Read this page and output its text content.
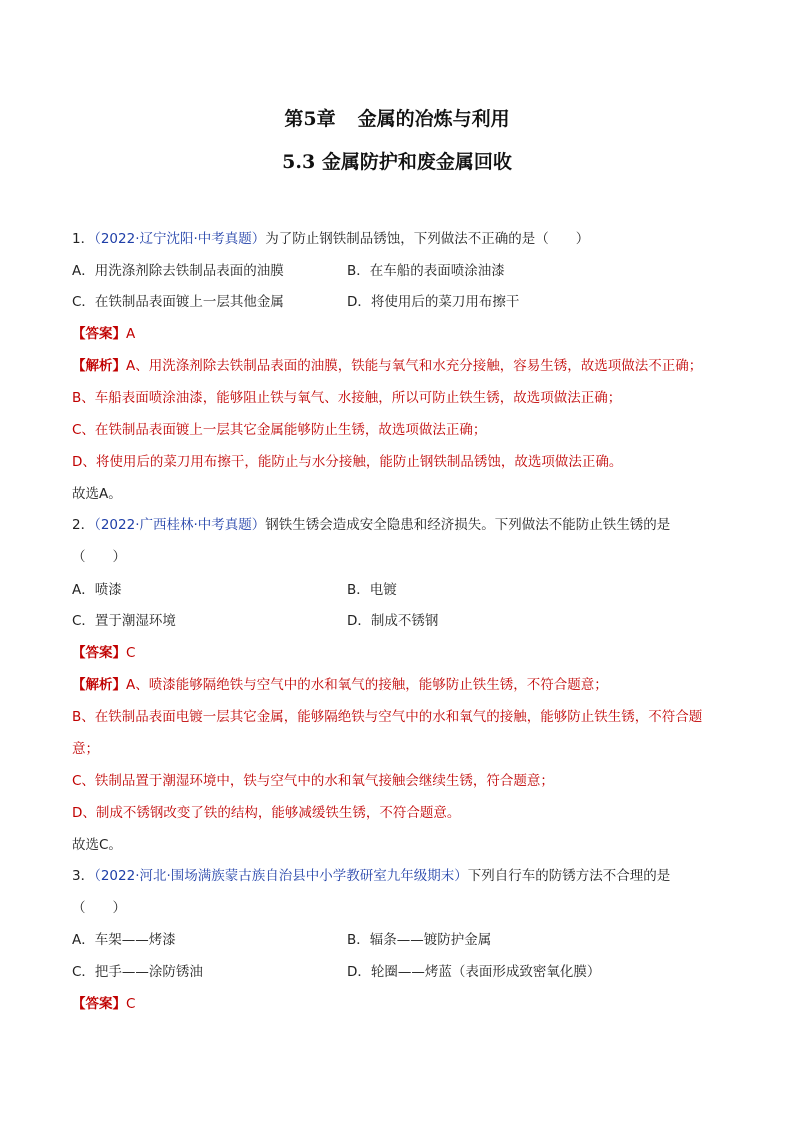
第5章 金属的冶炼与利用
5.3 金属防护和废金属回收
1．（2022·辽宁沈阳·中考真题）为了防止钢铁制品锈蚀，下列做法不正确的是（　　）
A．用洗涤剂除去铁制品表面的油膜	B．在车船的表面喷涂油漆
C．在铁制品表面镀上一层其他金属	D．将使用后的菜刀用布擦干
【答案】A
【解析】A、用洗涤剂除去铁制品表面的油膜，铁能与氧气和水充分接触，容易生锈，故选项做法不正确；
B、车船表面喷涂油漆，能够阻止铁与氧气、水接触，所以可防止铁生锈，故选项做法正确；
C、在铁制品表面镀上一层其它金属能够防止生锈，故选项做法正确；
D、将使用后的菜刀用布擦干，能防止与水分接触，能防止钢铁制品锈蚀，故选项做法正确。
故选A。
2．（2022·广西桂林·中考真题）钢铁生锈会造成安全隐患和经济损失。下列做法不能防止铁生锈的是
（　　）
A．喷漆	B．电镀
C．置于潮湿环境	D．制成不锈钢
【答案】C
【解析】A、喷漆能够隔绝铁与空气中的水和氧气的接触，能够防止铁生锈，不符合题意；
B、在铁制品表面电镀一层其它金属，能够隔绝铁与空气中的水和氧气的接触，能够防止铁生锈，不符合题
意；
C、铁制品置于潮湿环境中，铁与空气中的水和氧气接触会继续生锈，符合题意；
D、制成不锈钢改变了铁的结构，能够减缓铁生锈，不符合题意。
故选C。
3．（2022·河北·围场满族蒙古族自治县中小学教研室九年级期末）下列自行车的防锈方法不合理的是
（　　）
A．车架——烤漆	B．辐条——镀防护金属
C．把手——涂防锈油	D．轮圈——烤蓝（表面形成致密氧化膜）
【答案】C
